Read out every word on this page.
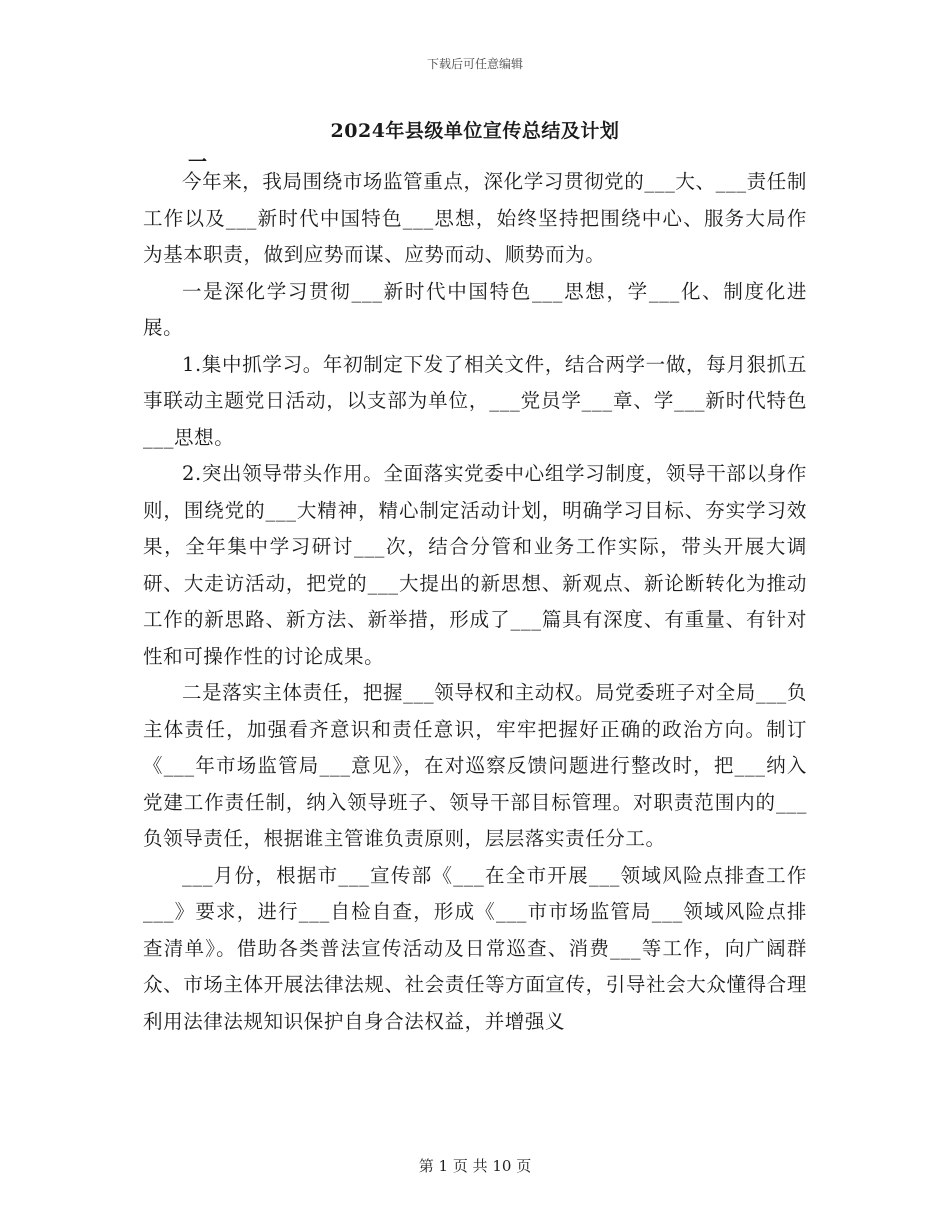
下载后可任意编辑
2024年县级单位宣传总结及计划
一

今年来，我局围绕市场监管重点，深化学习贯彻党的___大、___责任制工作以及___新时代中国特色___思想，始终坚持把围绕中心、服务大局作为基本职责，做到应势而谋、应势而动、顺势而为。

一是深化学习贯彻___新时代中国特色___思想，学___化、制度化进展。

1.集中抓学习。年初制定下发了相关文件，结合两学一做，每月狠抓五事联动主题党日活动，以支部为单位，___党员学___章、学___新时代特色___思想。

2.突出领导带头作用。全面落实党委中心组学习制度，领导干部以身作则，围绕党的___大精神，精心制定活动计划，明确学习目标、夯实学习效果，全年集中学习研讨___次，结合分管和业务工作实际，带头开展大调研、大走访活动，把党的___大提出的新思想、新观点、新论断转化为推动工作的新思路、新方法、新举措，形成了___篇具有深度、有重量、有针对性和可操作性的讨论成果。

二是落实主体责任，把握___领导权和主动权。局党委班子对全局___负主体责任，加强看齐意识和责任意识，牢牢把握好正确的政治方向。制订《___年市场监管局___意见》，在对巡察反馈问题进行整改时，把___纳入党建工作责任制，纳入领导班子、领导干部目标管理。对职责范围内的___负领导责任，根据谁主管谁负责原则，层层落实责任分工。

___月份，根据市___宣传部《___在全市开展___领域风险点排查工作___》要求，进行___自检自查，形成《___市市场监管局___领域风险点排查清单》。借助各类普法宣传活动及日常巡查、消费___等工作，向广阔群众、市场主体开展法律法规、社会责任等方面宣传，引导社会大众懂得合理利用法律法规知识保护自身合法权益，并增强义

第 1 页 共 10 页
